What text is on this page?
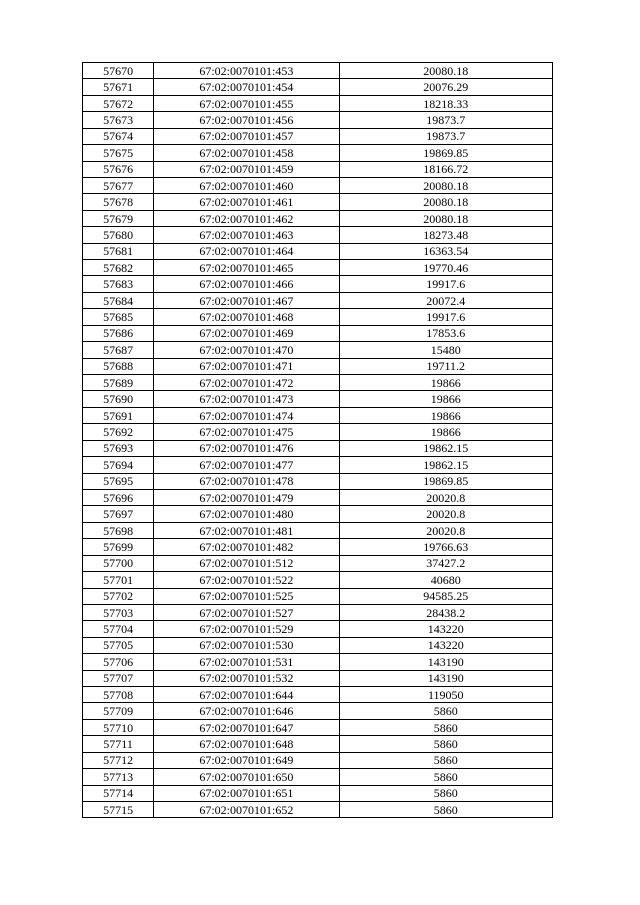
57670	67:02:0070101:453	20080.18
57671	67:02:0070101:454	20076.29
57672	67:02:0070101:455	18218.33
57673	67:02:0070101:456	19873.7
57674	67:02:0070101:457	19873.7
57675	67:02:0070101:458	19869.85
57676	67:02:0070101:459	18166.72
57677	67:02:0070101:460	20080.18
57678	67:02:0070101:461	20080.18
57679	67:02:0070101:462	20080.18
57680	67:02:0070101:463	18273.48
57681	67:02:0070101:464	16363.54
57682	67:02:0070101:465	19770.46
57683	67:02:0070101:466	19917.6
57684	67:02:0070101:467	20072.4
57685	67:02:0070101:468	19917.6
57686	67:02:0070101:469	17853.6
57687	67:02:0070101:470	15480
57688	67:02:0070101:471	19711.2
57689	67:02:0070101:472	19866
57690	67:02:0070101:473	19866
57691	67:02:0070101:474	19866
57692	67:02:0070101:475	19866
57693	67:02:0070101:476	19862.15
57694	67:02:0070101:477	19862.15
57695	67:02:0070101:478	19869.85
57696	67:02:0070101:479	20020.8
57697	67:02:0070101:480	20020.8
57698	67:02:0070101:481	20020.8
57699	67:02:0070101:482	19766.63
57700	67:02:0070101:512	37427.2
57701	67:02:0070101:522	40680
57702	67:02:0070101:525	94585.25
57703	67:02:0070101:527	28438.2
57704	67:02:0070101:529	143220
57705	67:02:0070101:530	143220
57706	67:02:0070101:531	143190
57707	67:02:0070101:532	143190
57708	67:02:0070101:644	119050
57709	67:02:0070101:646	5860
57710	67:02:0070101:647	5860
57711	67:02:0070101:648	5860
57712	67:02:0070101:649	5860
57713	67:02:0070101:650	5860
57714	67:02:0070101:651	5860
57715	67:02:0070101:652	5860
